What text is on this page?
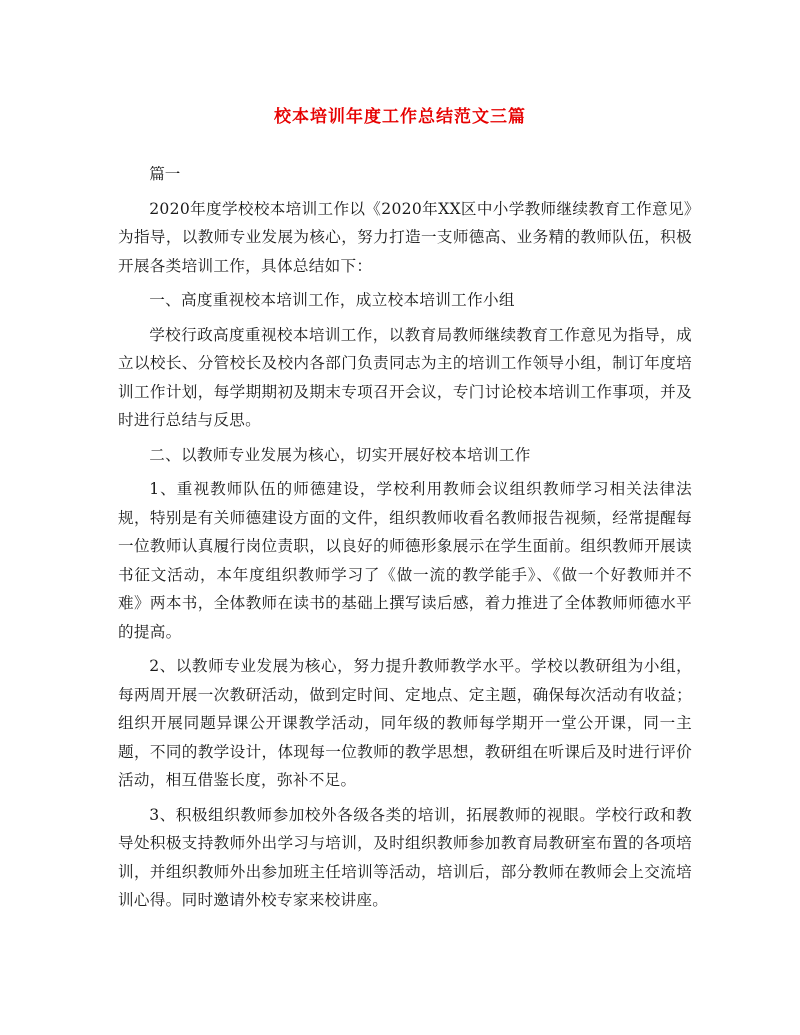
校本培训年度工作总结范文三篇

篇一

2020年度学校校本培训工作以《2020年XX区中小学教师继续教育工作意见》为指导，以教师专业发展为核心，努力打造一支师德高、业务精的教师队伍，积极开展各类培训工作，具体总结如下：

一、高度重视校本培训工作，成立校本培训工作小组

学校行政高度重视校本培训工作，以教育局教师继续教育工作意见为指导，成立以校长、分管校长及校内各部门负责同志为主的培训工作领导小组，制订年度培训工作计划，每学期期初及期末专项召开会议，专门讨论校本培训工作事项，并及时进行总结与反思。

二、以教师专业发展为核心，切实开展好校本培训工作

1、重视教师队伍的师德建设，学校利用教师会议组织教师学习相关法律法规，特别是有关师德建设方面的文件，组织教师收看名教师报告视频，经常提醒每一位教师认真履行岗位责职，以良好的师德形象展示在学生面前。组织教师开展读书征文活动，本年度组织教师学习了《做一流的教学能手》、《做一个好教师并不难》两本书，全体教师在读书的基础上撰写读后感，着力推进了全体教师师德水平的提高。

2、以教师专业发展为核心，努力提升教师教学水平。学校以教研组为小组，每两周开展一次教研活动，做到定时间、定地点、定主题，确保每次活动有收益；组织开展同题异课公开课教学活动，同年级的教师每学期开一堂公开课，同一主题，不同的教学设计，体现每一位教师的教学思想，教研组在听课后及时进行评价活动，相互借鉴长度，弥补不足。

3、积极组织教师参加校外各级各类的培训，拓展教师的视眼。学校行政和教导处积极支持教师外出学习与培训，及时组织教师参加教育局教研室布置的各项培训，并组织教师外出参加班主任培训等活动，培训后，部分教师在教师会上交流培训心得。同时邀请外校专家来校讲座。
